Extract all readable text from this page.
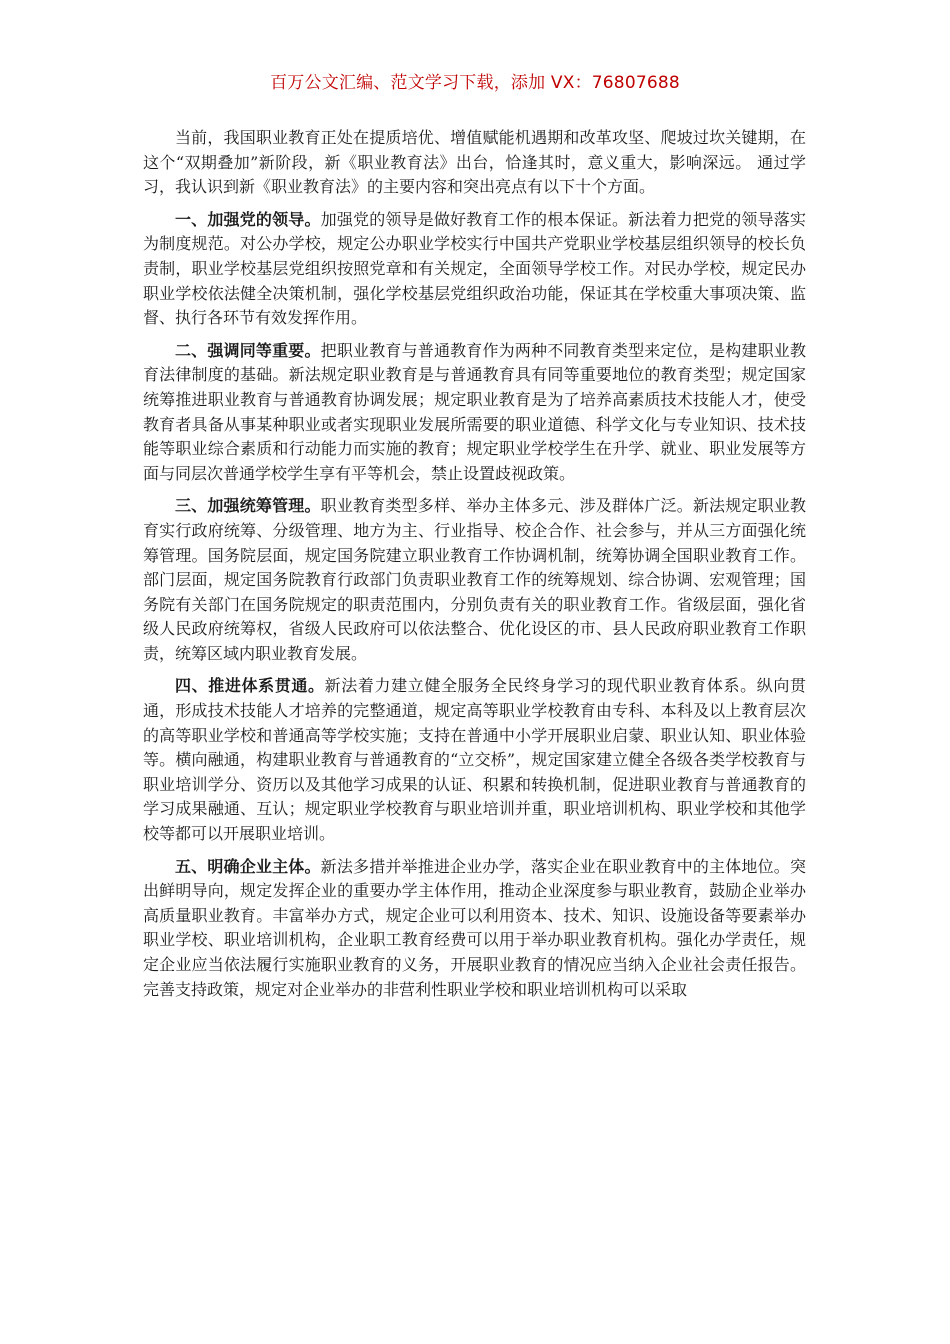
百万公文汇编、范文学习下载，添加 VX：76807688

当前，我国职业教育正处在提质培优、增值赋能机遇期和改革攻坚、爬坡过坎关键期，在这个“双期叠加”新阶段，新《职业教育法》出台，恰逢其时，意义重大，影响深远。 通过学习，我认识到新《职业教育法》的主要内容和突出亮点有以下十个方面。

一、加强党的领导。加强党的领导是做好教育工作的根本保证。新法着力把党的领导落实为制度规范。对公办学校，规定公办职业学校实行中国共产党职业学校基层组织领导的校长负责制，职业学校基层党组织按照党章和有关规定，全面领导学校工作。对民办学校，规定民办职业学校依法健全决策机制，强化学校基层党组织政治功能，保证其在学校重大事项决策、监督、执行各环节有效发挥作用。

二、强调同等重要。把职业教育与普通教育作为两种不同教育类型来定位，是构建职业教育法律制度的基础。新法规定职业教育是与普通教育具有同等重要地位的教育类型；规定国家统筹推进职业教育与普通教育协调发展；规定职业教育是为了培养高素质技术技能人才，使受教育者具备从事某种职业或者实现职业发展所需要的职业道德、科学文化与专业知识、技术技能等职业综合素质和行动能力而实施的教育；规定职业学校学生在升学、就业、职业发展等方面与同层次普通学校学生享有平等机会，禁止设置歧视政策。

三、加强统筹管理。职业教育类型多样、举办主体多元、涉及群体广泛。新法规定职业教育实行政府统筹、分级管理、地方为主、行业指导、校企合作、社会参与，并从三方面强化统筹管理。国务院层面，规定国务院建立职业教育工作协调机制，统筹协调全国职业教育工作。部门层面，规定国务院教育行政部门负责职业教育工作的统筹规划、综合协调、宏观管理；国务院有关部门在国务院规定的职责范围内，分别负责有关的职业教育工作。省级层面，强化省级人民政府统筹权，省级人民政府可以依法整合、优化设区的市、县人民政府职业教育工作职责，统筹区域内职业教育发展。

四、推进体系贯通。新法着力建立健全服务全民终身学习的现代职业教育体系。纵向贯通，形成技术技能人才培养的完整通道，规定高等职业学校教育由专科、本科及以上教育层次的高等职业学校和普通高等学校实施；支持在普通中小学开展职业启蒙、职业认知、职业体验等。横向融通，构建职业教育与普通教育的“立交桥”，规定国家建立健全各级各类学校教育与职业培训学分、资历以及其他学习成果的认证、积累和转换机制，促进职业教育与普通教育的学习成果融通、互认；规定职业学校教育与职业培训并重，职业培训机构、职业学校和其他学校等都可以开展职业培训。

五、明确企业主体。新法多措并举推进企业办学，落实企业在职业教育中的主体地位。突出鲜明导向，规定发挥企业的重要办学主体作用，推动企业深度参与职业教育，鼓励企业举办高质量职业教育。丰富举办方式，规定企业可以利用资本、技术、知识、设施设备等要素举办职业学校、职业培训机构，企业职工教育经费可以用于举办职业教育机构。强化办学责任，规定企业应当依法履行实施职业教育的义务，开展职业教育的情况应当纳入企业社会责任报告。完善支持政策，规定对企业举办的非营利性职业学校和职业培训机构可以采取
